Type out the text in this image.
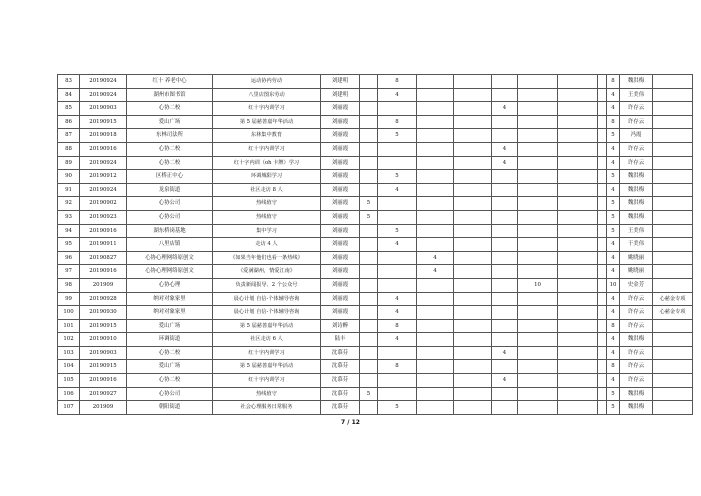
83	20190924	红十 养老中心	运动协内劳动	刘建明		8							8	魏洪梅	
84	20190924	湖州市图书馆	八里店图东劳动	刘建明		4							4	王美伟	
85	20190903	心协二校	红十字内训学习	刘丽霞					4				4	许存云	
86	20190915	爱山广场	第 5 届慈善嘉年华活动	刘丽霞		8							8	许存云	
87	20190918	东林司法所	东林集中教育	刘丽霞		5							5	冯霞	
88	20190916	心协二校	红十字内训学习	刘丽霞					4				4	许存云	
89	20190924	心协二校	红十字内训（oh 卡牌）学习	刘丽霞					4				4	许存云	
90	20190912	区桥正中心	环调城阳学习	刘丽霞		5							5	魏洪梅	
91	20190924	龙泉街道	社区走访 8 人	刘丽霞		4							4	魏洪梅	
92	20190902	心协公司	热线值守	刘丽霞	5								5	魏洪梅	
93	20190923	心协公司	热线值守	刘丽霞	5								5	魏洪梅	
94	20190916	湖东桥岗基地	集中学习	刘丽霞		5							5	王美伟	
95	20190911	八里店镇	走访 4 人	刘丽霞		4							4	干美伟	
96	20190827	心协心理网络原创文	《如果当年他们也看一条热线》	刘丽霞			4						4	姚晓丽	
97	20190916	心协心理网络原创文	《爱满湖州，情爱江南》	刘丽霞			4						4	姚晓丽	
98	201909	心协心理	负责新闻报导、2 个公众号	刘丽霞						10			10	史金芳	
99	20190928	纳对对象家里	晨心计划 自信-个体辅导咨询	刘丽霞		4							4	许存云	心慈金专项
100	20190930	纳对对象家里	晨心计划 自信-个体辅导咨询	刘丽霞		4							4	许存云	心慈金专项
101	20190915	爱山广场	第 5 届慈善嘉年华活动	刘诗醉		8							8	许存云	
102	20190910	环调街道	社区走访 6 人	陆丰		4							4	魏洪梅	
103	20190903	心协二校	红十字内训学习	沈慕芬					4				4	许存云	
104	20190915	爱山广场	第 5 届慈善嘉年华活动	沈慕芬		8							8	许存云	
105	20190916	心协二校	红十字内训学习	沈慕芬					4				4	许存云	
106	20190927	心协公司	热线值守	沈慕芬	5								5	魏洪梅	
107	201909	朝阳街道	社会心理服务日常服务	沈慕芬		5							5	魏洪梅	
7 / 12
